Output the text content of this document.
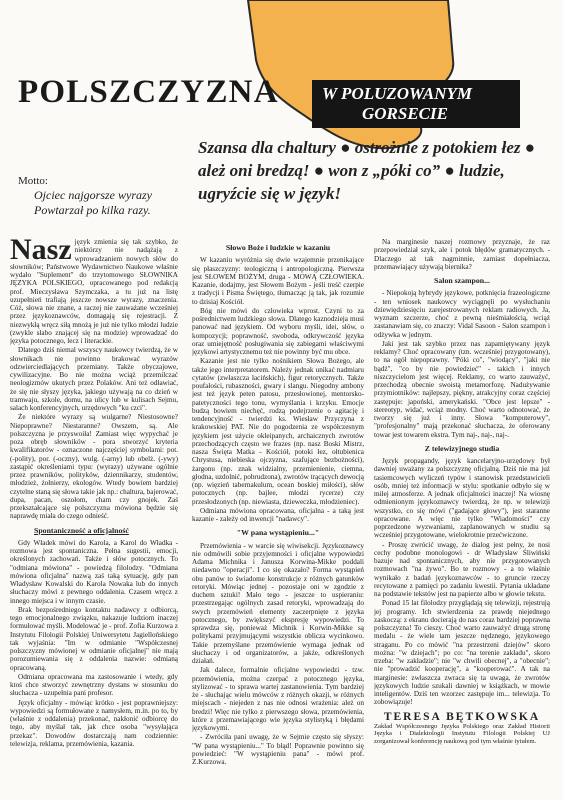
POLSZCZYZNA	W POLUZOWANYM
GORSECIE
Szansa dla chaltury ● ostrożnie z potokiem łez ● ależ oni bredzą! ● won z „póki co” ● ludzie, ugryźcie się w język!
Motto:
Ojciec najgorsze wyrazy
Powtarzał po kilka razy.

Nasz język zmienia się tak szybko, że niektórzy nie nadążają z wprowadzaniem nowych słów do słowników; Państwowe Wydawnictwo Naukowe właśnie wydało "Suplement" do trzytomowego SŁOWNIKA JĘZYKA POLSKIEGO, opracowanego pod redakcją prof. Mieczysława Szymczaka, a tu już na listę uzupełnień trafiają jeszcze nowsze wyrazy, znaczenia. Cóż, słowa nie znane, a raczej nie zauważane wcześniej przez językoznawców, domagają się rejestracji. Z niezwykłą wręcz siłą mnożą je już nie tylko młodzi ludzie (zwykle słabo znającej się na modzie) wprowadzać do języka potocznego, lecz i literackie.

Dlatego dziś niemal wszyscy naukowcy twierdzą, że w słownikach nie powinno brakować wyrazów odzwierciedlających przemiany. Także obyczajowe, cywilizacyjne. Bo nie można wciąż przemilczać neologizmów ukutych przez Polaków. Ani też odławiać, że się nie słyszy języka, jakiego używają na co dzień w tramwaju, szkole, domu, na ulicy lub w kulisach Sejmu, salach konferencyjnych, urzędowych "ku czci".

Że niektóre wyrazy są wulgarne? Niestosowne? Niepoprawne? Niestaranne? Owszem, są. Ale polszczyzna je przyswoiła! Zamiast więc wypychać je poza obręb słowników - pora stworzyć kryteria kwalifikatorów - oznaczone najczęściej symbolami: pot. (-polity), por. (-oczny), wulg. (-arny) lub obelż. (-ywy) zastąpić określeniami typu: (wyrazy) używane ogólnie przez prawników, polityków, dziennikarzy, studentów, młodzież, żołnierzy, ekologów. Wtedy bowiem bardziej czytelne staną się słowa takie jak np.: chaltura, bajerować, dupa, pacan, oszołom, cham czy gnojek. Zaś przekształcające się polszczyzna mówiona będzie się naprawdę miała do czego odnieść.

Spontaniczność a oficjalność

Gdy Władek mówi do Karola, a Karol do Władka - rozmowa jest spontaniczna. Pełna sugestii, emocji, określonych zachowań. Także i słów potocznych. To "odmiana mówiona" - powiedzą filolodzy. "Odmiana mówiona oficjalna" nazwą zaś taką sytuację, gdy pan Władysław Kowalski do Karola Nowaka lub do innych słuchaczy mówi z pewnego oddalenia. Czasem wręcz z innego miejsca i w innym czasie.

Brak bezpośredniego kontaktu nadawcy z odbiorcą, tego emocjonalnego związku, nakazuje ludziom inaczej formułować myśli. Modelować je - prof. Zofia Kurzowa z Instytutu Filologii Polskiej Uniwersytetu Jagiellońskiego tak wyjaśnia: "Im w odmianie "Współczesnej polszczyzny mówionej w odmianie oficjalnej" nie mają porozumiewania się z oddalenia nazwie: odmianą opracowaną.

Odmiana opracowana ma zastosowanie i wtedy, gdy ktoś chce stworzyć zewnętrzny dystans w stosunku do słuchacza - uzupełnia pani profesor.

Język oficjalny - mówiąc krótko - jest poprawniejszy: wypowiedzi są formułowane z namysłem, m.in. po to, by (właśnie z oddalenia) przekonać, nakłonić odbiorcę do tego, aby myślał tak, jak chce osoba "wysyłająca przekaz". Dowodów dostarczają nam codziennie: telewizja, reklama, przemówienia, kazania.

Słowo Boże i ludzkie w kazaniu

W kazaniu wyróżnia się dwie wzajemnie przenikające się płaszczyzny: teologiczną i antropologiczną. Pierwsza jest SŁOWEM BOŻYM, druga - MOWĄ CZŁOWIEKA. Kazanie, dodajmy, jest Słowem Bożym - jeśli treść czerpie z tradycji i Pisma Świętego, tłumacząc ją tak, jak rozumie to dzisiaj Kościół.

Bóg nie mówi do człowieka wprost. Czyni to za pośrednictwem ludzkiego słowa. Dlatego kaznodzieja musi panować nad językiem. Od wyboru myśli, idei, słów, o kompozycji; poprawność, swoboda, odkrywczość języka oraz umiejętność posługiwania się zabiegami właściwymi językowi artystycznemu też nie powinny być mu obce.

Kazanie jest nie tylko nośnikiem Słowa Bożego, ale także jego interpretatorem. Należy jednak unikać nadmiaru cytatów (zwłaszcza łacińskich), figur retorycznych. Także poufałości, rubaszności, gwary i slangu. Niegodny ambony jest też język peten patosu, przesłowionej, mentorsko-patetyczności tego tonu, wymyślania i krzyku. Emocje budzą bowiem niechęć, rodzą podejrzenie o agitację i tendencyjność - twierdzi ks. Wiesław Przyczyna z krakowskiej PAT. Nie do pogodzenia ze współczesnym językiem jest użycie okleipanych, archaicznych zwrotów przechodzących często we frazes (np. nasz Boski Mistrz, nasza Święta Matka - Kościół, potoki łez, ołtubienica Chrystusa, niebieska ojczyzna, szafujące bezbożności), żargonu (np. znak widzialny, przemienienie, ciemna, głodna, uzdolnić, pobrudzona), zwrotów trącących dewocją (np. więzień tabernakulum, ocean boskiej miłości), słów potocznych (np. bajlee, młodzi rycerze) czy przesłodzonych (np. niewiasta, dzieweczka, młodzieniec).

Odmiana mówiona opracowana, oficjalna - a taką jest kazanie - zależy od inwencji "nadawcy".

"W pana wystąpieniu..."

Przemówienia - w warcie się wiwisekcji. Językoznawcy nie odmówili sobie przyjemności i oficjalne wypowiedzi Adama Michnika i Janusza Korwina-Mikke poddali niedawno "operacji". I co się okazało? Forma wystąpień obu panów to świadome konstrukcje z różnych gatunków retoryki. Mówiąc jednej - pozostaje oni w zgodzie z duchem sztuki! Mało tego - jeszcze to uspieraniu: przestrzegając ogólnych zasad retoryki, wprowadzają do swych przemówień elementy zaczerpnięte z języka potocznego, by zwiększyć ekspresję wypowiedzi. To sprawdza się, ponieważ Michnik i Korwin-Mikke są politykami przyjmującymi wszystkie oblicza wycinkowo. Takie przemyślane przemówienie wymaga jednak od słuchaczy i od organizatorów, a jakże, odkreślonych działań.

Jak dalece, formalnie oficjalne wypowiedzi - tzw. przemówienia, można czerpać z potocznego języka, stylizować - to sprawa wartej zastanowienia. Tym bardziej że - słuchając wielu mówców z różnych okazji, w różnych miejscach - niejeden z nas nie odnosi wrażenia: ależ on bredzi! Więc nie tylko z pierwszego słowa, przemówienia, które z przemawiającego wie języka stylistyką i błędami językowymi.

- Zwróciła pani uwagę, że w Sejmie często się słyszy: "W pana wystąpieniu..." To błąd! Poprawnie powinno się powiedzieć: "W wystąpieniu pana" - mówi prof. Z.Kurzowa.

Na marginesie naszej rozmowy przyznaje, że raz przepowiedział szyk, ale i potok błędów gramatycznych. - Dlaczego aż tak nagminnie, zamiast dopełniacza, przemawiający używają biernika?

Salon szampon...

- Niepokoją hybrydy językowe, potknięcia frazeologiczne - ten wniosek naukowcy wyciągnęli po wysłuchaniu dziewiędziesięciu zarejestrowanych reklam radiowych. Ja, wyznam szczerze, choć z pewną nieśmiałością, wciąż zastanawiam się, co znaczy: Vidal Sasoon - Salon szampon i odżywka w jednym.

Jaki jest tak szybko przez nas zapamiętywany język reklamy? Choć opracowany (tzn. wcześniej przygotowany), to na ogół niepoprawny. "Póki co", "wiodący", "jaki nie bądź", "co by nie powiedzieć" - takich i innych niszczycielom jest więcej. Reklamy, co warto zauważyć, przechodzą obecnie swoistą metamorfozę. Nadużywanie przymiotników: najlepszy, piękny, atrakcyjny coraz częściej zastępuje: japoński, amerykański. "Obce jest lepsze" - stereotyp, widać, wciąż modny. Choć warto odnotować, że tworzy się już i inny. Słowa "komputerowy", "profesjonalny" mają przekonać słuchacza, że oferowany towar jest towarem ekstra. Tym naj-, naj-, naj-.

Z telewizyjnego studia

Język propagandy, język kancelaryjno-urzędowy był dawniej uważany za polszczyznę oficjalną. Dziś nie ma już tasiemcowych wyliczeń typów i stanowisk przedstawicieli osób, mniej też informacji w stylu: spotkanie odbyło się w miłej atmosferze. A jednak oficjalności inaczej! Na wiosnę odmienionym językoznawcy twierdzą, że np. w telewizji wszystko, co się mówi ("gadające głowy"), jest staranne opracowane. A więc nie tylko "Wiadomości" czy poprzedzone wyzwaniami, zaplanowanych w studiu są wcześniej przygotowane, wielokrotnie przećwiczone.

- Proszę zwrócić uwagę, że dialog jest pełny, że nosi cechy podobne monologowi - dr Władysław Śliwiński bazuje nad spontanicznych, aby nie przygotowanych rozmowach "na żywo". Bo te rozmowy - a to właśnie wynikało z badań językoznawców - to gruncie rzeczy recytowane z pamięci po zadaniu kwestii. Pytania układane na podstawie tekstów jest na papierze albo w głowie tekstu.

Ponad 15 lat filolodzy przyglądają się telewizji, rejestrują jej programy. Ich stwierdzenia za prawdę niejednego zaskoczą: z ekranu docierają do nas coraz bardziej poprawna polszczyzna! To cieszy. Choć warto zauważyć drugą stronę medalu - że wiele tam jeszcze nędznego, językowego straganu. Po co mówić "na przestrzeni dziejów" skoro można: "w dziejach"; po co: "na terenie zakładu", skoro trzeba: "w zakładzie"; nie "w chwili obecnej", a "obecnie"; nie "prowadzić kooperację", a "kooperować". A tak na marginesie: zwłaszcza zwraca się ta uwaga, że zwrotów językowych ludzie szukali dawniej w książkach, w mowie inteligentów. Dziś ten wzorzec zastępuje im... telewizja. To zobowiązuje!

TERESA BĘTKOWSKA

Zakład Współczesnego Języka Polskiego oraz Zakład Historii Języka i Dialektologii Instytutu Filologii Polskiej UJ zorganizował konferencję naukową pod tym właśnie tytułem.
